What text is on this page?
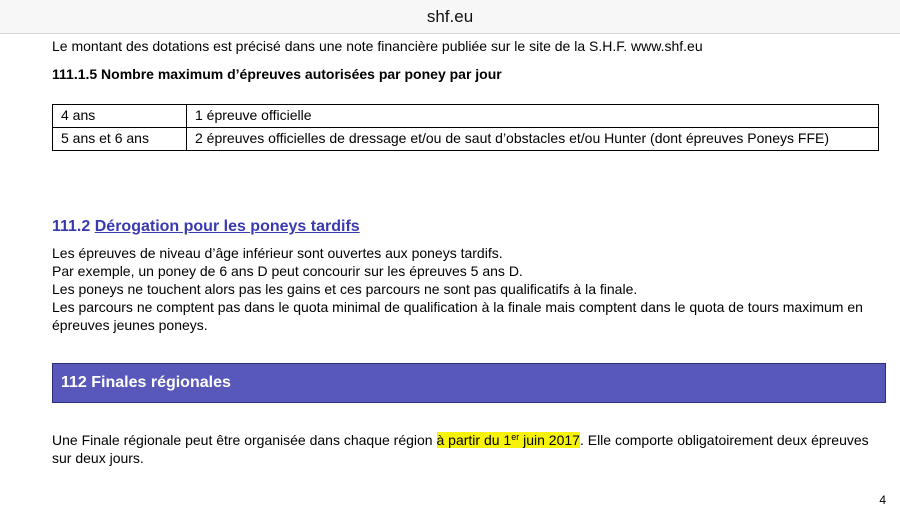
Le montant des dotations est précisé dans une note financière publiée sur le site de la S.H.F. www.shf.eu
111.1.5 Nombre maximum d’épreuves autorisées par poney par jour
4 ans	1 épreuve officielle
5 ans et 6 ans	2 épreuves officielles de dressage et/ou de saut d’obstacles et/ou Hunter (dont épreuves Poneys FFE)
111.2 Dérogation pour les poneys tardifs
Les épreuves de niveau d’âge inférieur sont ouvertes aux poneys tardifs.
Par exemple, un poney de 6 ans D peut concourir sur les épreuves 5 ans D.
Les poneys ne touchent alors pas les gains et ces parcours ne sont pas qualificatifs à la finale.
Les parcours ne comptent pas dans le quota minimal de qualification à la finale mais comptent dans le quota de tours maximum en épreuves jeunes poneys.
112 Finales régionales
Une Finale régionale peut être organisée dans chaque région à partir du 1er juin 2017. Elle comporte obligatoirement deux épreuves sur deux jours.
4
shf.eu
